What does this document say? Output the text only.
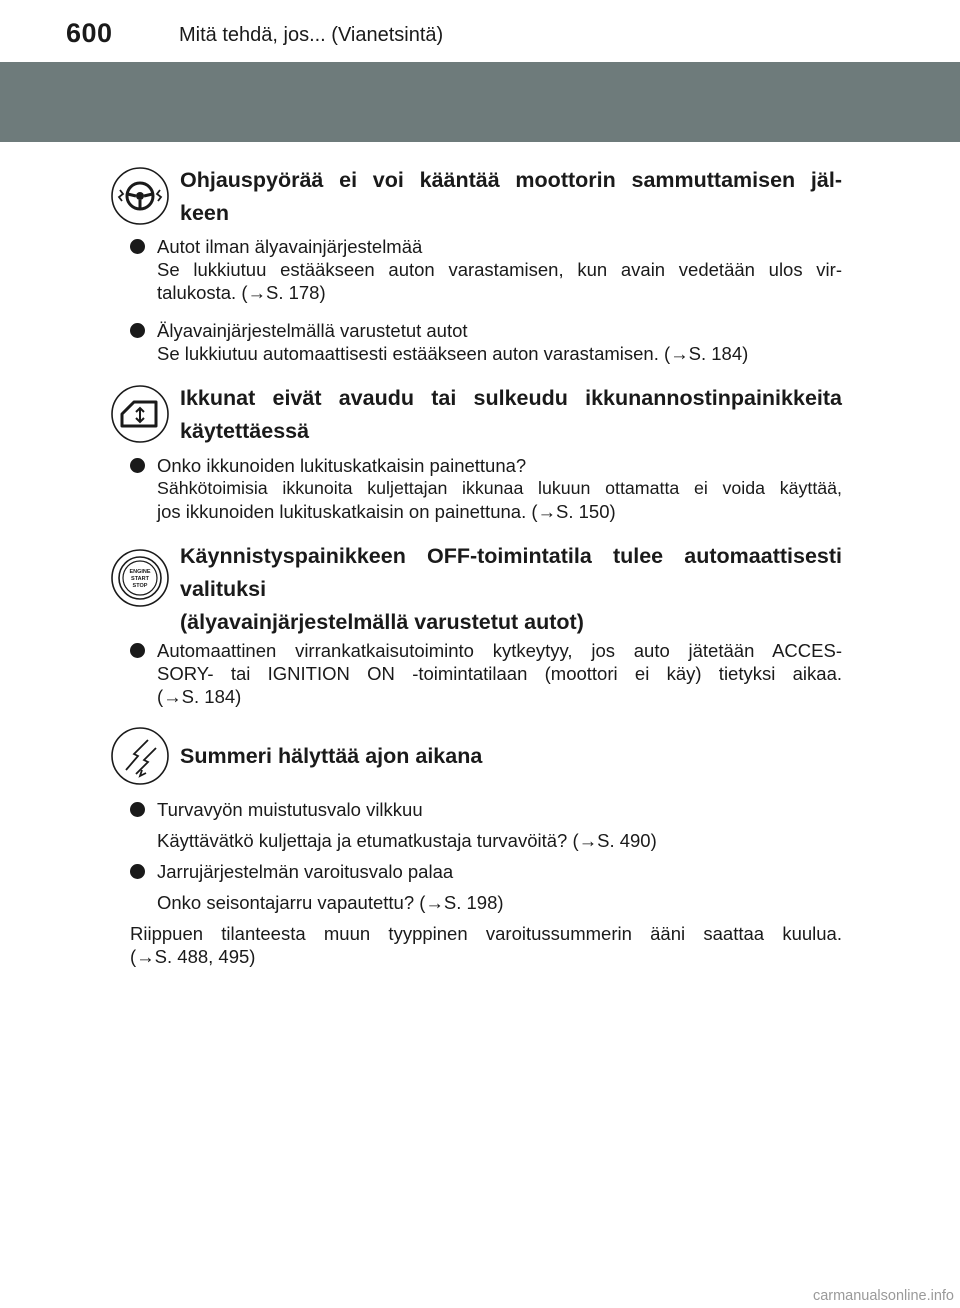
600	Mitä tehdä, jos... (Vianetsintä)
Ohjauspyörää ei voi kääntää moottorin sammuttamisen jäl-
keen
Autot ilman älyavainjärjestelmää
Se lukkiutuu estääkseen auton varastamisen, kun avain vedetään ulos vir-
talukosta. (→S. 178)
Älyavainjärjestelmällä varustetut autot
Se lukkiutuu automaattisesti estääkseen auton varastamisen. (→S. 184)
Ikkunat eivät avaudu tai sulkeudu ikkunannostinpainikkeita
käytettäessä
Onko ikkunoiden lukituskatkaisin painettuna?
Sähkötoimisia ikkunoita kuljettajan ikkunaa lukuun ottamatta ei voida käyttää,
jos ikkunoiden lukituskatkaisin on painettuna. (→S. 150)
ENGINE
START
STOP
Käynnistyspainikkeen OFF-toimintatila tulee automaattisesti
valituksi
(älyavainjärjestelmällä varustetut autot)
Automaattinen virrankatkaisutoiminto kytkeytyy, jos auto jätetään ACCES-
SORY- tai IGNITION ON -toimintatilaan (moottori ei käy) tietyksi aikaa.
(→S. 184)
Summeri hälyttää ajon aikana
Turvavyön muistutusvalo vilkkuu
Käyttävätkö kuljettaja ja etumatkustaja turvavöitä? (→S. 490)
Jarrujärjestelmän varoitusvalo palaa
Onko seisontajarru vapautettu? (→S. 198)
Riippuen tilanteesta muun tyyppinen varoitussummerin ääni saattaa kuulua.
(→S. 488, 495)
carmanualsonline.info
